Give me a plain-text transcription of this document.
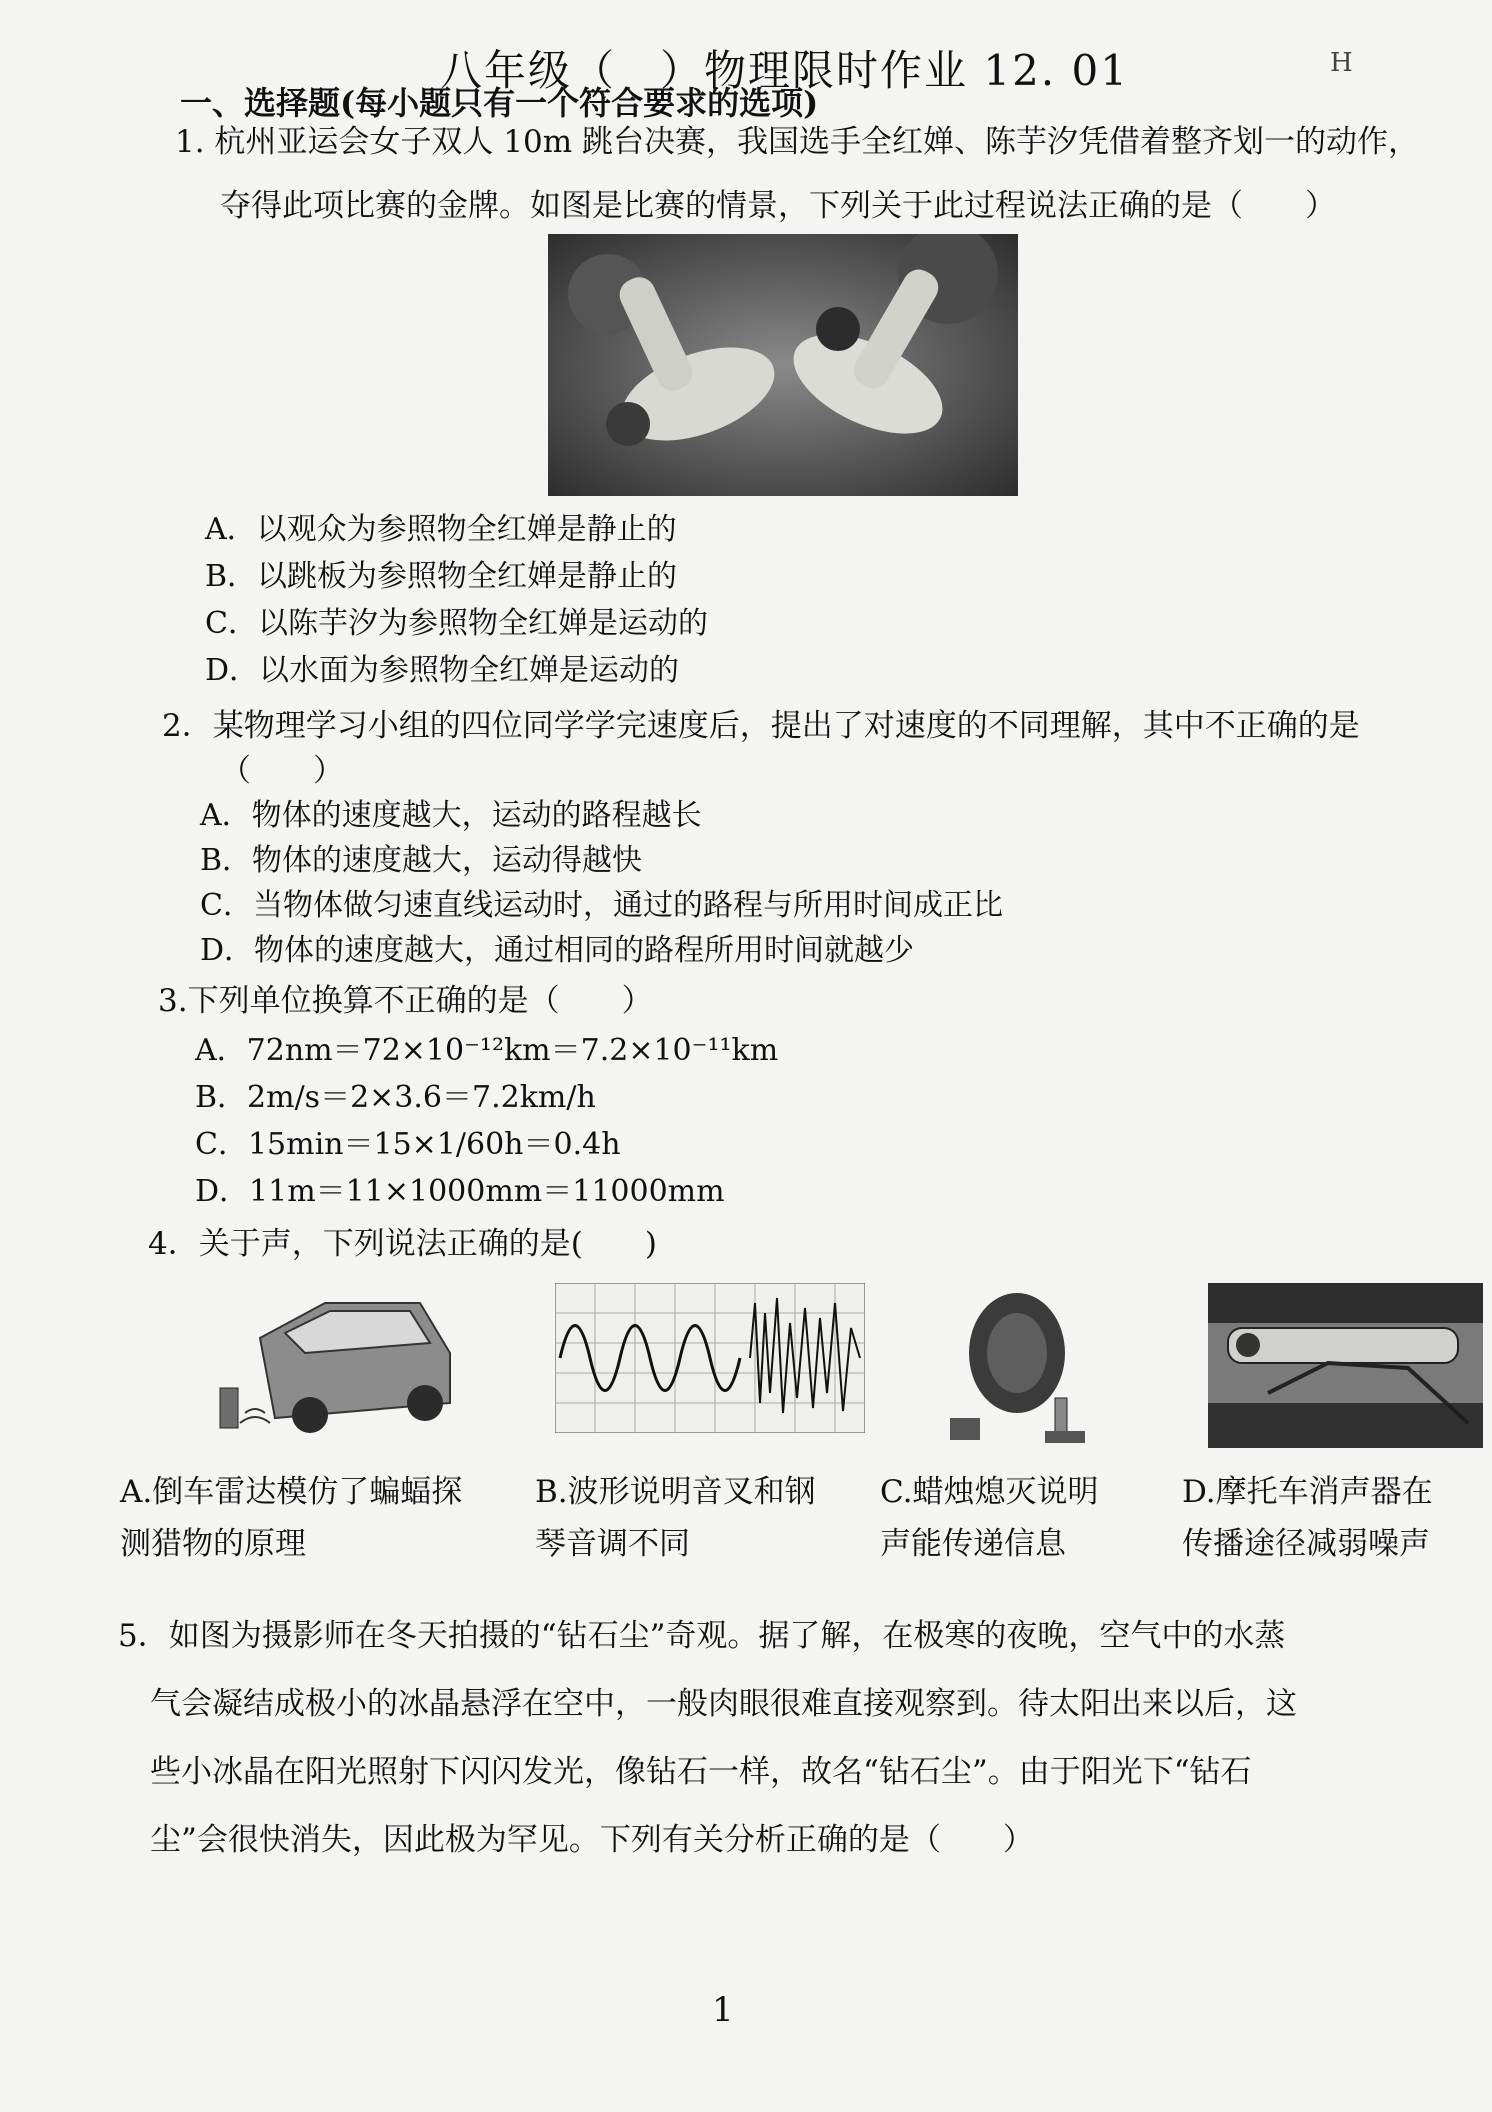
八年级（　）物理限时作业 12. 01	H
一、选择题(每小题只有一个符合要求的选项)
1. 杭州亚运会女子双人 10m 跳台决赛，我国选手全红婵、陈芋汐凭借着整齐划一的动作，
夺得此项比赛的金牌。如图是比赛的情景，下列关于此过程说法正确的是（　　）
A．以观众为参照物全红婵是静止的
B．以跳板为参照物全红婵是静止的
C．以陈芋汐为参照物全红婵是运动的
D．以水面为参照物全红婵是运动的
2．某物理学习小组的四位同学学完速度后，提出了对速度的不同理解，其中不正确的是
（　　）
A．物体的速度越大，运动的路程越长
B．物体的速度越大，运动得越快
C．当物体做匀速直线运动时，通过的路程与所用时间成正比
D．物体的速度越大，通过相同的路程所用时间就越少
3.下列单位换算不正确的是（　　）
A．72nm＝72×10⁻¹²km＝7.2×10⁻¹¹km
B．2m/s＝2×3.6＝7.2km/h
C．15min＝15×1/60h＝0.4h
D．11m＝11×1000mm＝11000mm
4．关于声，下列说法正确的是(　　)
A.倒车雷达模仿了蝙蝠探
测猎物的原理
B.波形说明音叉和钢
琴音调不同
C.蜡烛熄灭说明
声能传递信息
D.摩托车消声器在
传播途径减弱噪声
5．如图为摄影师在冬天拍摄的“钻石尘”奇观。据了解，在极寒的夜晚，空气中的水蒸
气会凝结成极小的冰晶悬浮在空中，一般肉眼很难直接观察到。待太阳出来以后，这
些小冰晶在阳光照射下闪闪发光，像钻石一样，故名“钻石尘”。由于阳光下“钻石
尘”会很快消失，因此极为罕见。下列有关分析正确的是（　　）
1
